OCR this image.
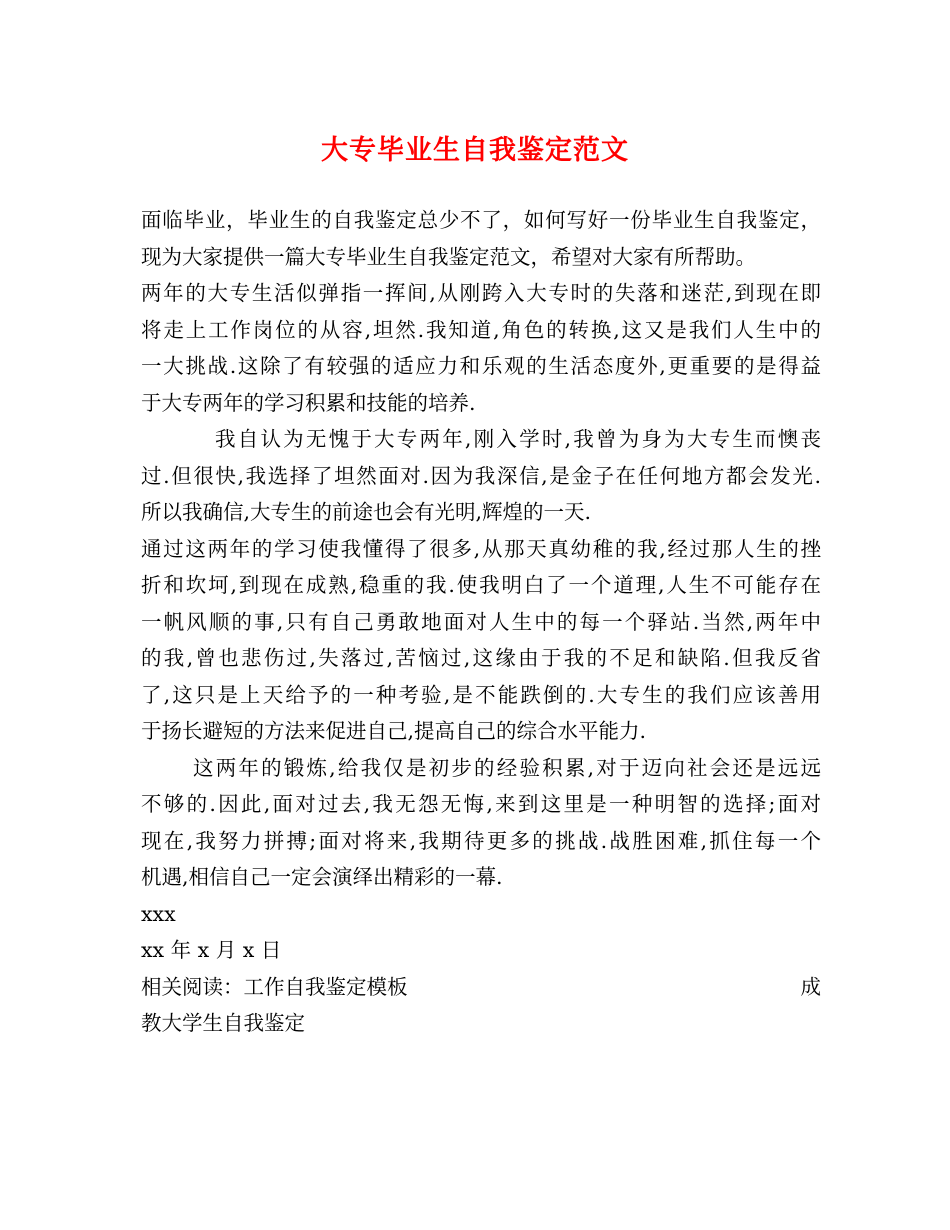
大专毕业生自我鉴定范文
面临毕业，毕业生的自我鉴定总少不了，如何写好一份毕业生自我鉴定，
现为大家提供一篇大专毕业生自我鉴定范文，希望对大家有所帮助。
两年的大专生活似弹指一挥间,从刚跨入大专时的失落和迷茫,到现在即
将走上工作岗位的从容,坦然.我知道,角色的转换,这又是我们人生中的
一大挑战.这除了有较强的适应力和乐观的生活态度外,更重要的是得益
于大专两年的学习积累和技能的培养.
我自认为无愧于大专两年,刚入学时,我曾为身为大专生而懊丧
过.但很快,我选择了坦然面对.因为我深信,是金子在任何地方都会发光.
所以我确信,大专生的前途也会有光明,辉煌的一天.
通过这两年的学习使我懂得了很多,从那天真幼稚的我,经过那人生的挫
折和坎坷,到现在成熟,稳重的我.使我明白了一个道理,人生不可能存在
一帆风顺的事,只有自己勇敢地面对人生中的每一个驿站.当然,两年中
的我,曾也悲伤过,失落过,苦恼过,这缘由于我的不足和缺陷.但我反省
了,这只是上天给予的一种考验,是不能跌倒的.大专生的我们应该善用
于扬长避短的方法来促进自己,提高自己的综合水平能力.
这两年的锻炼,给我仅是初步的经验积累,对于迈向社会还是远远
不够的.因此,面对过去,我无怨无悔,来到这里是一种明智的选择;面对
现在,我努力拼搏;面对将来,我期待更多的挑战.战胜困难,抓住每一个
机遇,相信自己一定会演绎出精彩的一幕.
xxx
xx 年 x 月 x 日
相关阅读：工作自我鉴定模板	成
教大学生自我鉴定
